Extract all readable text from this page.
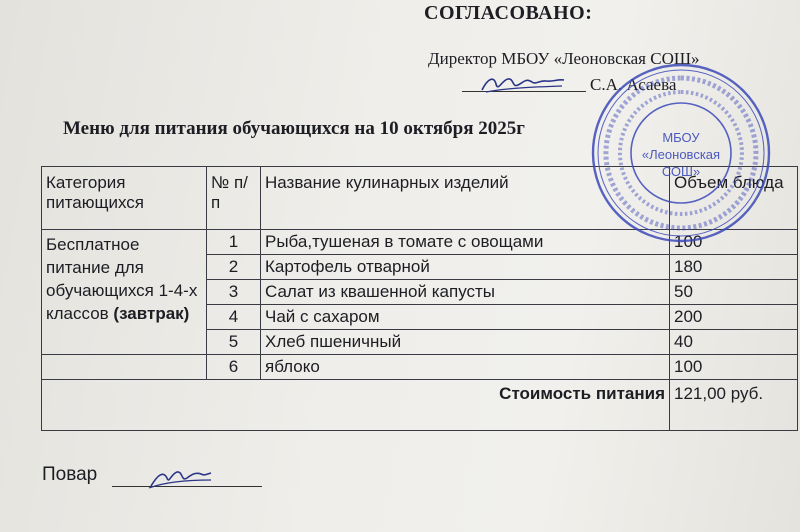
СОГЛАСОВАНО:
Директор МБОУ «Леоновская СОШ»
С.А. Асаева
Меню для питания обучающихся на 10 октября 2025г
Категория питающихся	№ п/п	Название кулинарных изделий	Объем блюда
Бесплатное питание для обучающихся 1-4-х классов (завтрак)	1	Рыба,тушеная в томате с овощами	100
	2	Картофель отварной	180
	3	Салат из квашенной капусты	50
	4	Чай с сахаром	200
	5	Хлеб пшеничный	40
	6	яблоко	100
Стоимость питания			121,00 руб.
Повар
МБОУ
«Леоновская
СОШ»
